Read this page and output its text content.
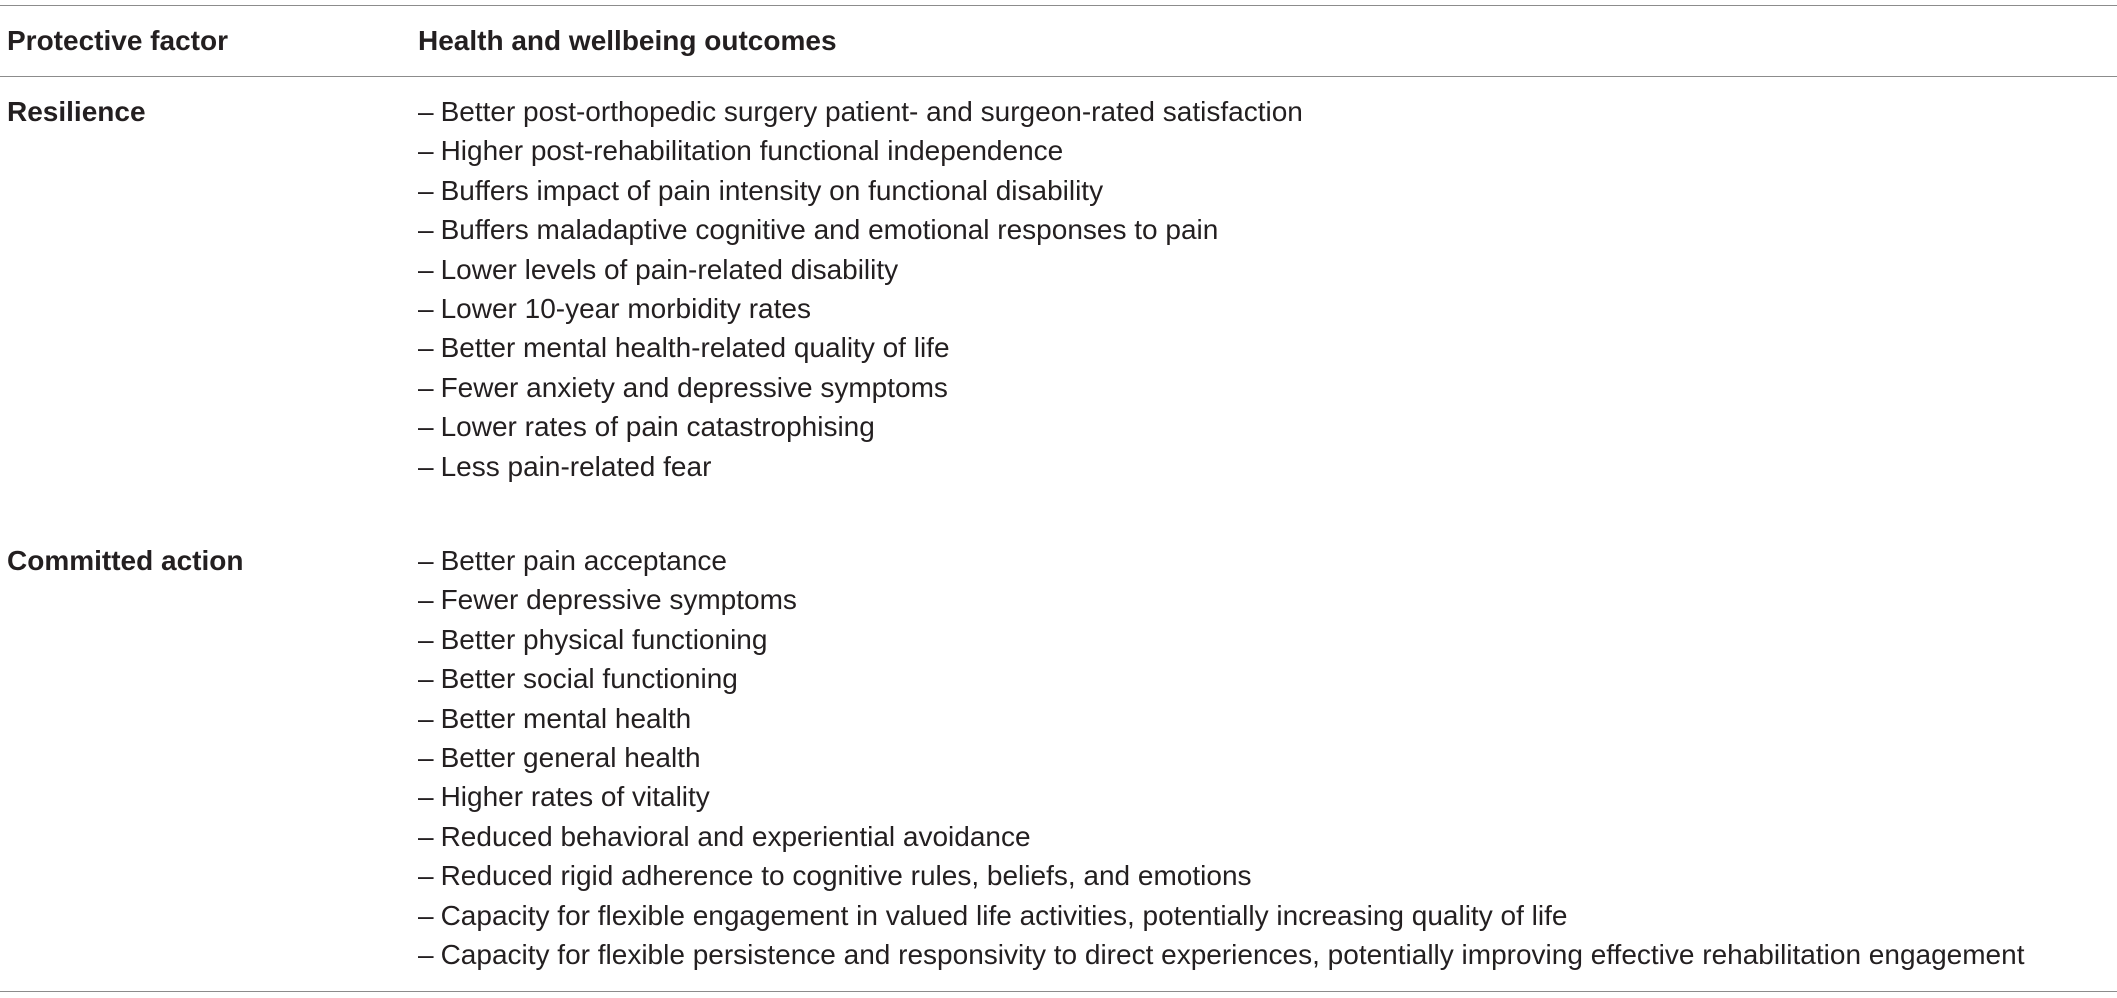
Protective factor	Health and wellbeing outcomes
Resilience	– Better post-orthopedic surgery patient- and surgeon-rated satisfaction
– Higher post-rehabilitation functional independence
– Buffers impact of pain intensity on functional disability
– Buffers maladaptive cognitive and emotional responses to pain
– Lower levels of pain-related disability
– Lower 10-year morbidity rates
– Better mental health-related quality of life
– Fewer anxiety and depressive symptoms
– Lower rates of pain catastrophising
– Less pain-related fear
Committed action	– Better pain acceptance
– Fewer depressive symptoms
– Better physical functioning
– Better social functioning
– Better mental health
– Better general health
– Higher rates of vitality
– Reduced behavioral and experiential avoidance
– Reduced rigid adherence to cognitive rules, beliefs, and emotions
– Capacity for flexible engagement in valued life activities, potentially increasing quality of life
– Capacity for flexible persistence and responsivity to direct experiences, potentially improving effective rehabilitation engagement
